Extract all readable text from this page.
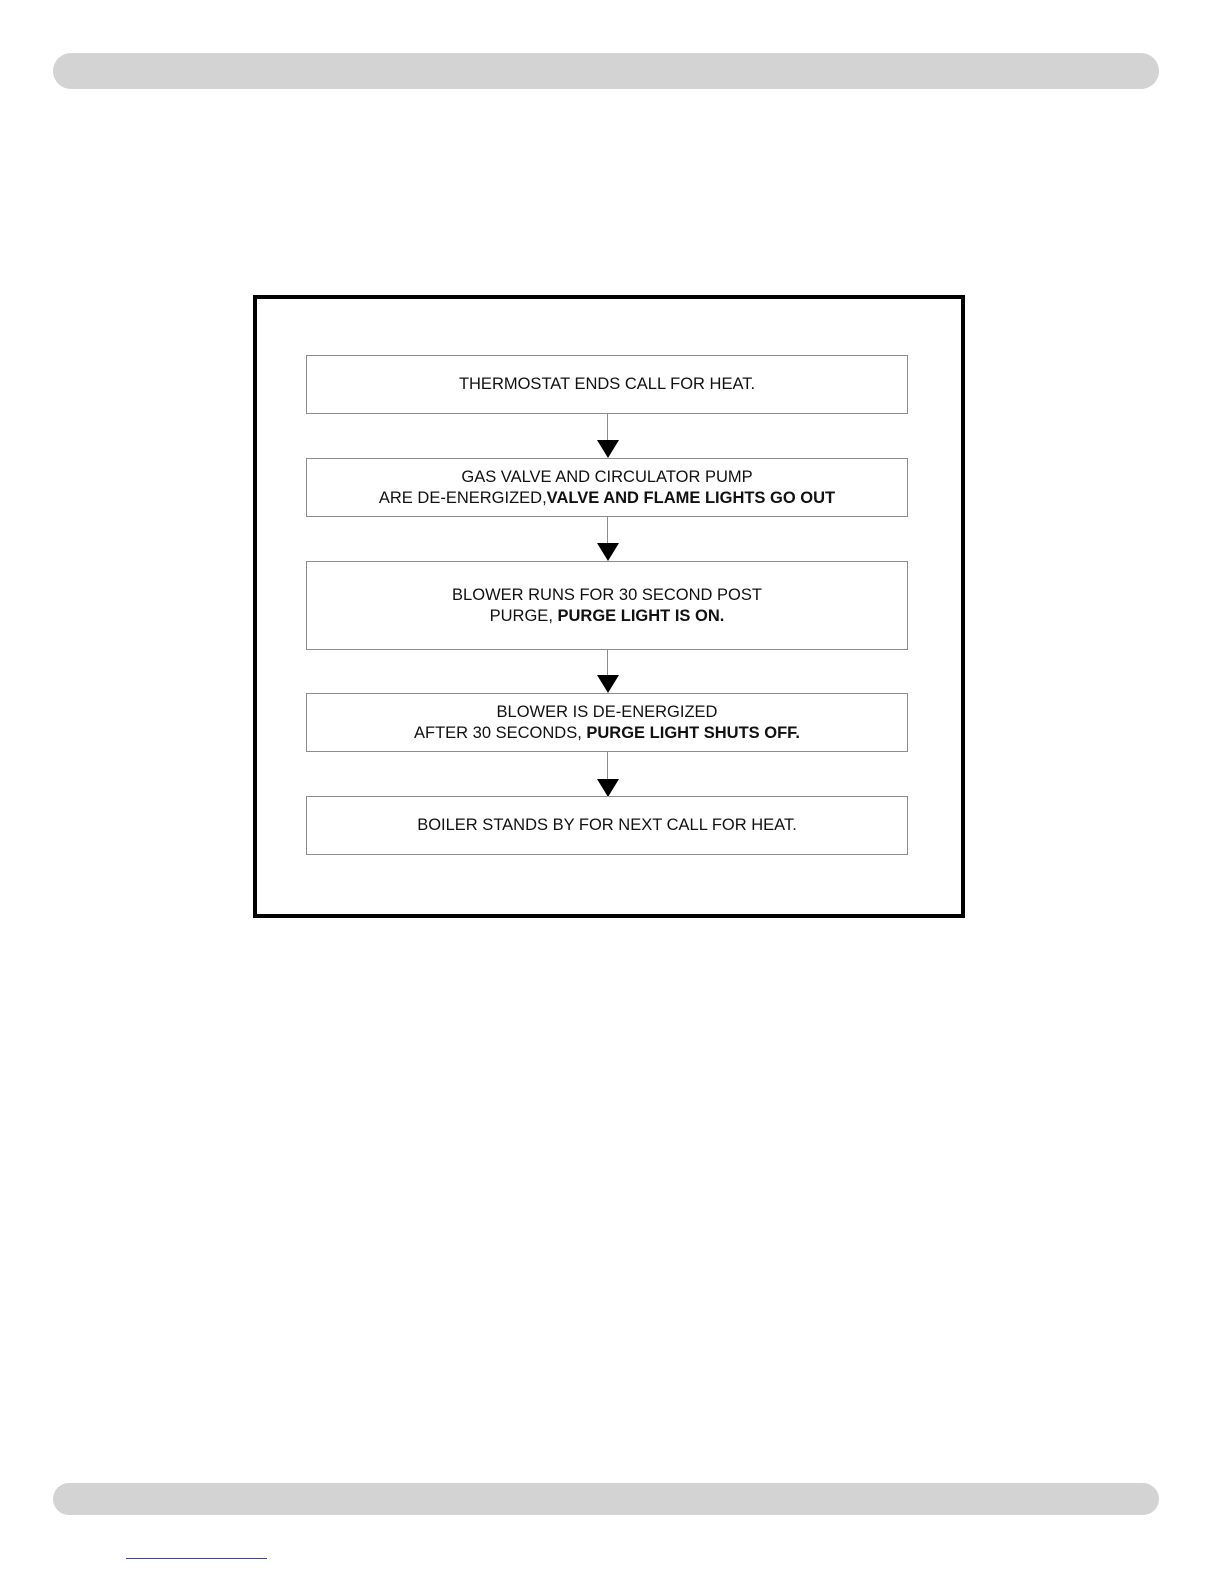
THERMOSTAT ENDS CALL FOR HEAT.
GAS VALVE AND CIRCULATOR PUMP
ARE DE-ENERGIZED,VALVE AND FLAME LIGHTS GO OUT
BLOWER RUNS FOR 30 SECOND POST
PURGE, PURGE LIGHT IS ON.
BLOWER IS DE-ENERGIZED
AFTER 30 SECONDS, PURGE LIGHT SHUTS OFF.
BOILER STANDS BY FOR NEXT CALL FOR HEAT.
